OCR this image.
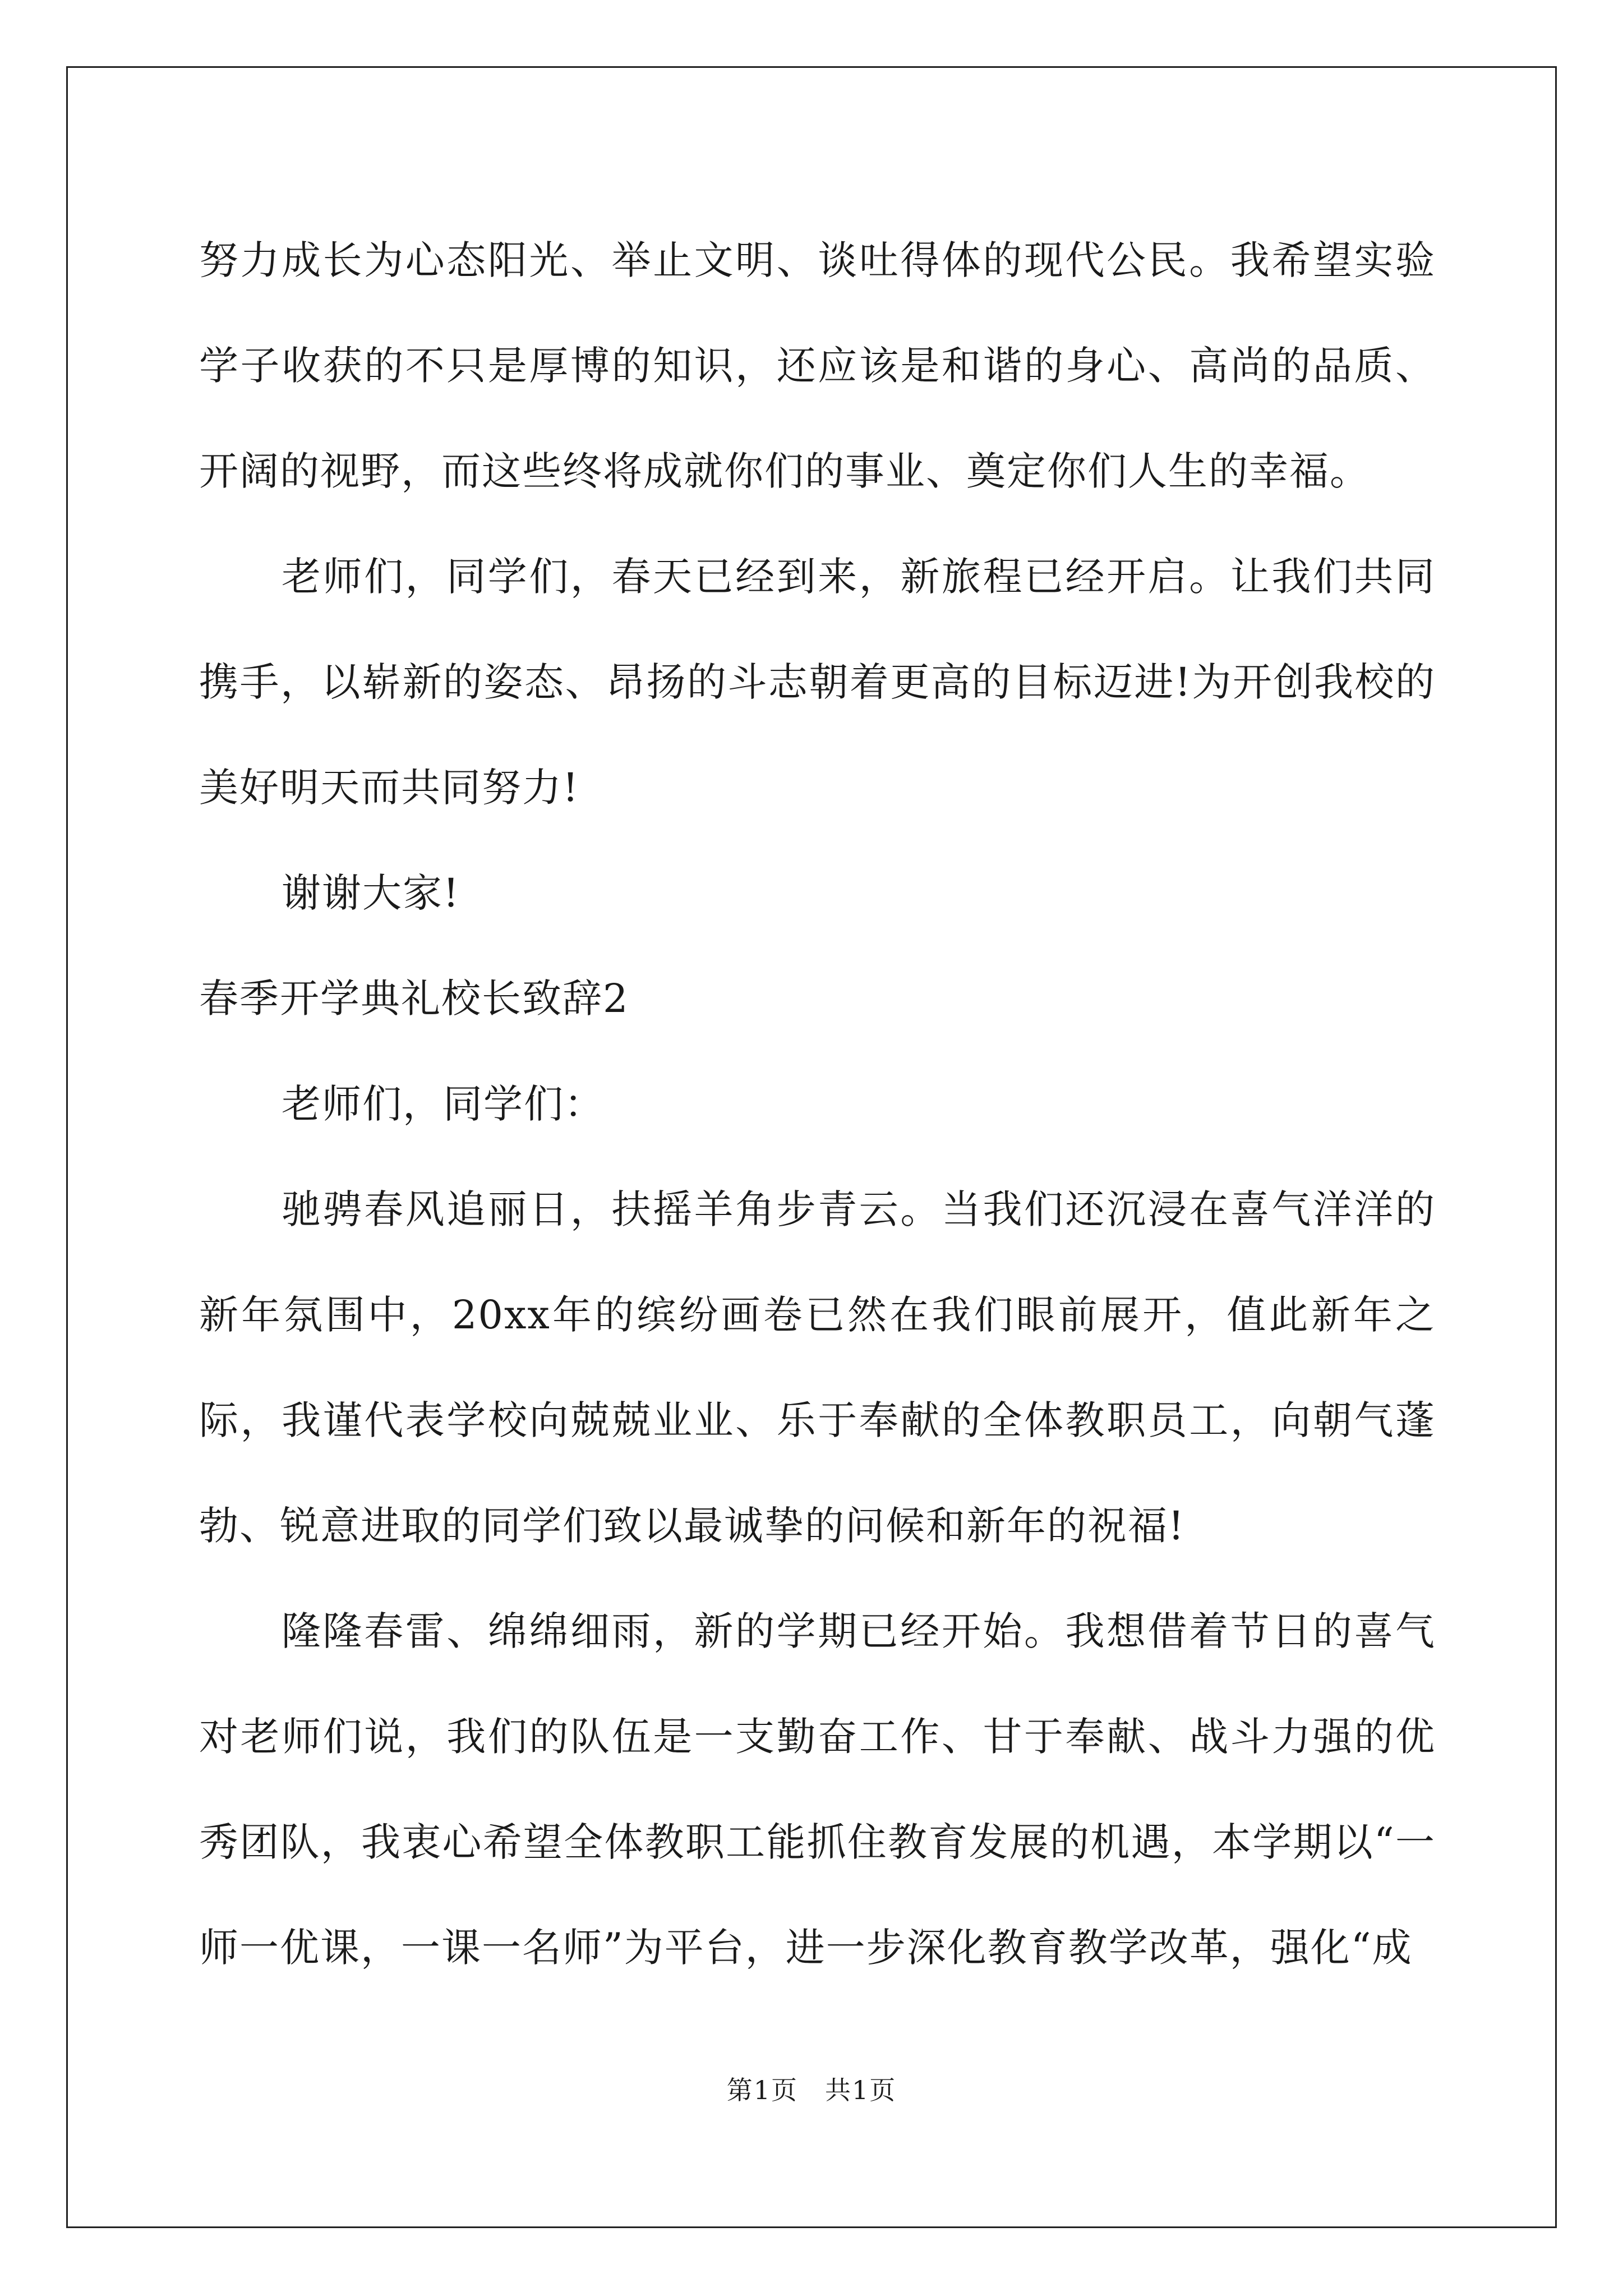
努力成长为心态阳光、举止文明、谈吐得体的现代公民。我希望实验学子收获的不只是厚博的知识，还应该是和谐的身心、高尚的品质、开阔的视野，而这些终将成就你们的事业、奠定你们人生的幸福。

老师们，同学们，春天已经到来，新旅程已经开启。让我们共同携手，以崭新的姿态、昂扬的斗志朝着更高的目标迈进!为开创我校的美好明天而共同努力!

谢谢大家!

春季开学典礼校长致辞2

老师们，同学们：

驰骋春风追丽日，扶摇羊角步青云。当我们还沉浸在喜气洋洋的新年氛围中，20xx年的缤纷画卷已然在我们眼前展开，值此新年之际，我谨代表学校向兢兢业业、乐于奉献的全体教职员工，向朝气蓬勃、锐意进取的同学们致以最诚挚的问候和新年的祝福!

隆隆春雷、绵绵细雨，新的学期已经开始。我想借着节日的喜气对老师们说，我们的队伍是一支勤奋工作、甘于奉献、战斗力强的优秀团队，我衷心希望全体教职工能抓住教育发展的机遇，本学期以“一师一优课，一课一名师”为平台，进一步深化教育教学改革，强化“成

第1页　共1页
